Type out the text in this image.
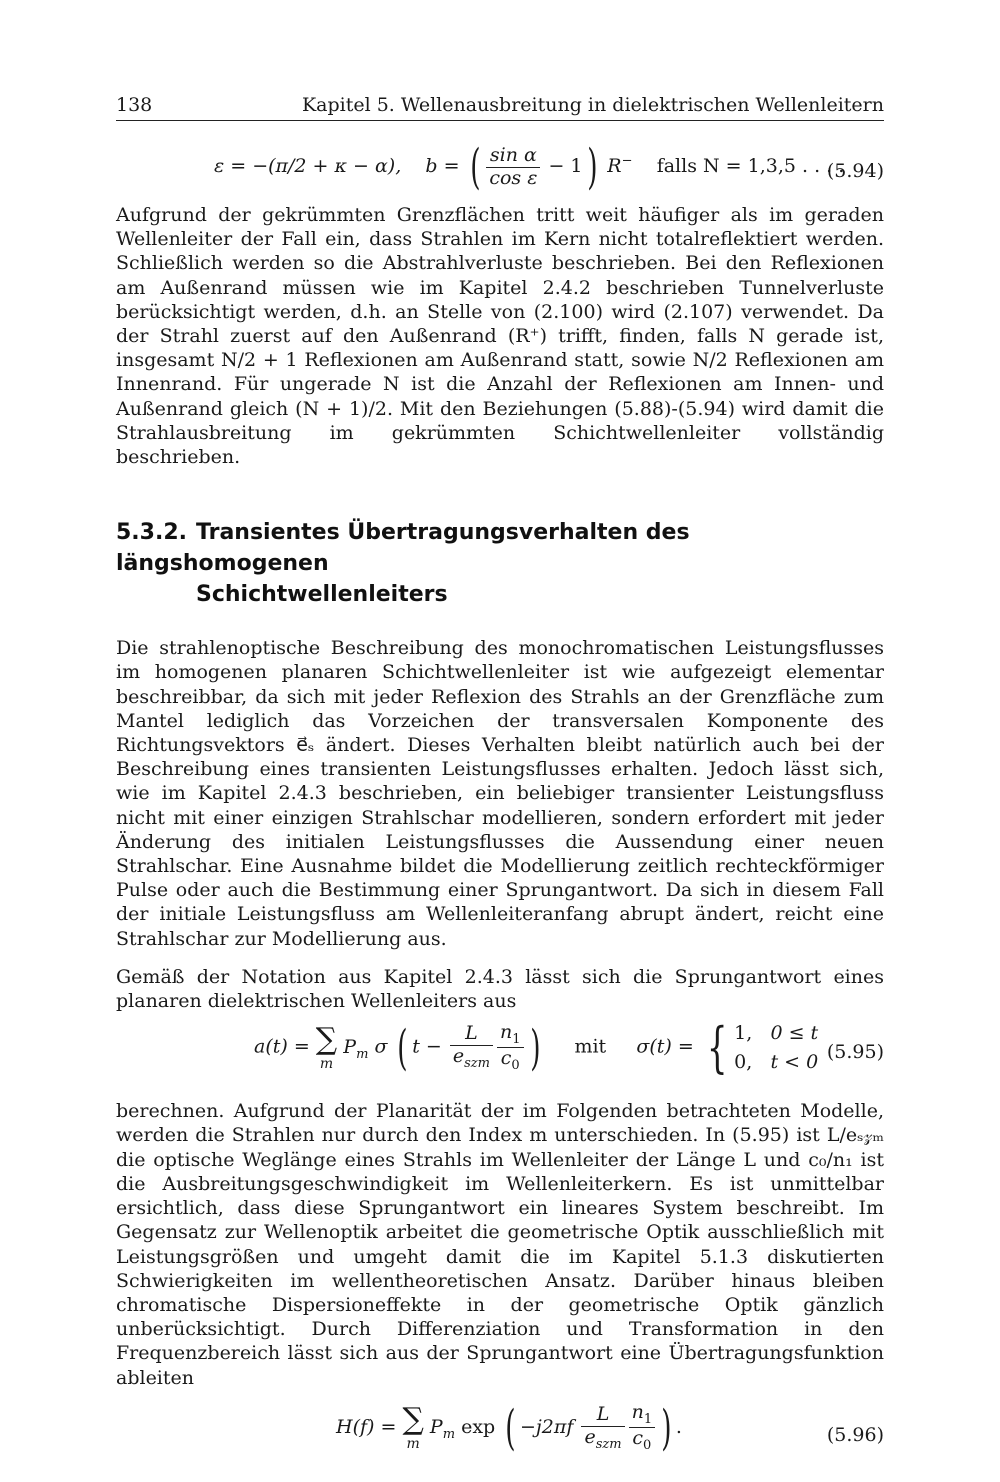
138	Kapitel 5. Wellenausbreitung in dielektrischen Wellenleitern
ε = −(π/2 + κ − α), b = ( $\frac{\text{sin α}}{\text{cos ε}} - 1$) R− falls N = 1,3,5 . . . .
(5.94)

Aufgrund der gekrümmten Grenzflächen tritt weit häufiger als im geraden Wellenleiter der Fall ein, dass Strahlen im Kern nicht totalreflektiert werden. Schließlich werden so die Abstrahlverluste beschrieben. Bei den Reflexionen am Außenrand müssen wie im Kapitel 2.4.2 beschrieben Tunnelverluste berücksichtigt werden, d.h. an Stelle von (2.100) wird (2.107) verwendet. Da der Strahl zuerst auf den Außenrand (R⁺) trifft, finden, falls N gerade ist, insgesamt N/2 + 1 Reflexionen am Außenrand statt, sowie N/2 Reflexionen am Innenrand. Für ungerade N ist die Anzahl der Reflexionen am Innen- und Außenrand gleich (N + 1)/2. Mit den Beziehungen (5.88)-(5.94) wird damit die Strahlausbreitung im gekrümmten Schichtwellenleiter vollständig beschrieben.

5.3.2. Transientes Übertragungsverhalten des längshomogenen
Schichtwellenleiters

Die strahlenoptische Beschreibung des monochromatischen Leistungsflusses im homogenen planaren Schichtwellenleiter ist wie aufgezeigt elementar beschreibbar, da sich mit jeder Reflexion des Strahls an der Grenzfläche zum Mantel lediglich das Vorzeichen der transversalen Komponente des Richtungsvektors e⃗ₛ ändert. Dieses Verhalten bleibt natürlich auch bei der Beschreibung eines transienten Leistungsflusses erhalten. Jedoch lässt sich, wie im Kapitel 2.4.3 beschrieben, ein beliebiger transienter Leistungsfluss nicht mit einer einzigen Strahlschar modellieren, sondern erfordert mit jeder Änderung des initialen Leistungsflusses die Aussendung einer neuen Strahlschar. Eine Ausnahme bildet die Modellierung zeitlich rechteckförmiger Pulse oder auch die Bestimmung einer Sprungantwort. Da sich in diesem Fall der initiale Leistungsfluss am Wellenleiteranfang abrupt ändert, reicht eine Strahlschar zur Modellierung aus.

Gemäß der Notation aus Kapitel 2.4.3 lässt sich die Sprungantwort eines planaren dielektrischen Wellenleiters aus

a(t) = ∑
m
$P_m$ σ ( $t - \frac{L}{e_{szm}} \frac{n_1}{c_0}$ ) mit σ(t) = { 1, 0 ≤ t
0, t < 0 (5.95)

berechnen. Aufgrund der Planarität der im Folgenden betrachteten Modelle, werden die Strahlen nur durch den Index m unterschieden. In (5.95) ist L/eₛ𝓏ₘ die optische Weglänge eines Strahls im Wellenleiter der Länge L und c₀/n₁ ist die Ausbreitungsgeschwindigkeit im Wellenleiterkern. Es ist unmittelbar ersichtlich, dass diese Sprungantwort ein lineares System beschreibt. Im Gegensatz zur Wellenoptik arbeitet die geometrische Optik ausschließlich mit Leistungsgrößen und umgeht damit die im Kapitel 5.1.3 diskutierten Schwierigkeiten im wellentheoretischen Ansatz. Darüber hinaus bleiben chromatische Dispersioneffekte in der geometrische Optik gänzlich unberücksichtigt. Durch Differenziation und Transformation in den Frequenzbereich lässt sich aus der Sprungantwort eine Übertragungsfunktion ableiten

H(f) = ∑
m
$P_m$ exp ( $-j2\pi f \frac{L}{e_{szm}} \frac{n_1}{c_0}$ ) .	(5.96)
